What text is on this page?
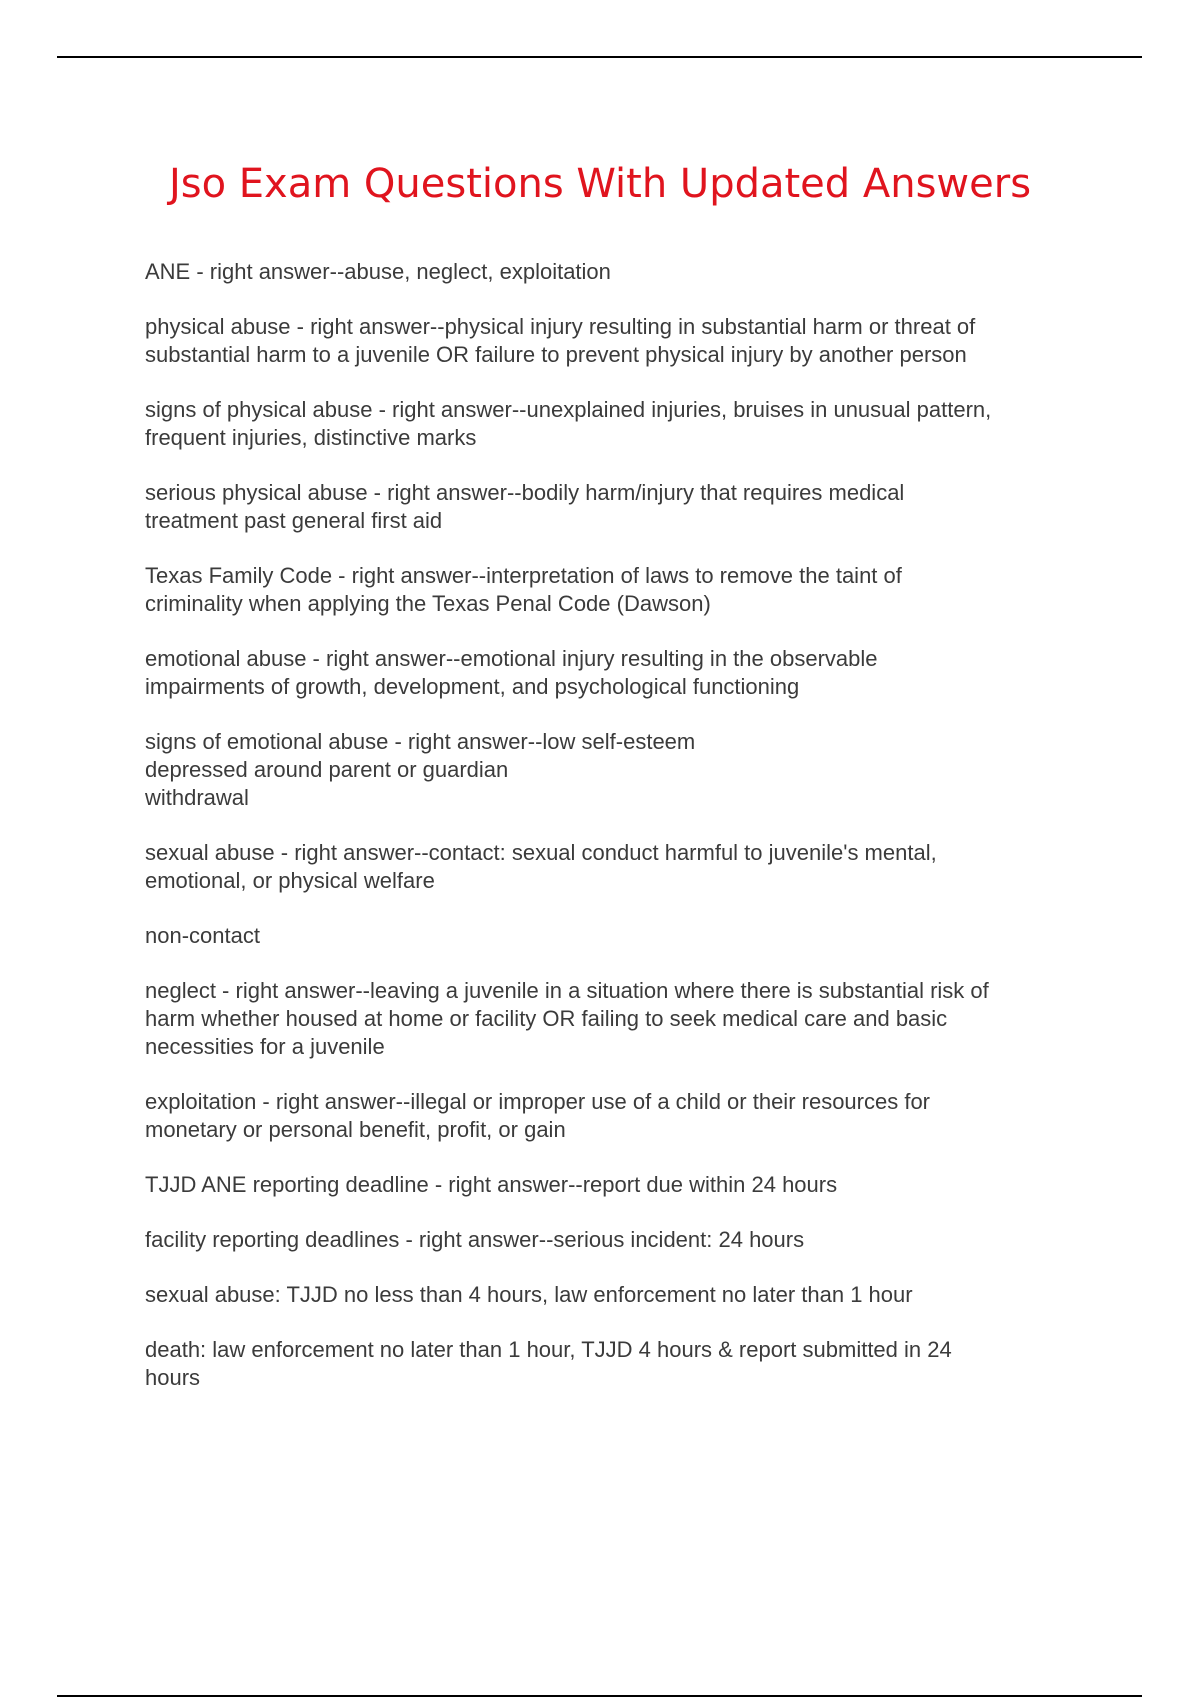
Jso Exam Questions With Updated Answers

ANE - right answer--abuse, neglect, exploitation

physical abuse - right answer--physical injury resulting in substantial harm or threat of
substantial harm to a juvenile OR failure to prevent physical injury by another person

signs of physical abuse - right answer--unexplained injuries, bruises in unusual pattern,
frequent injuries, distinctive marks

serious physical abuse - right answer--bodily harm/injury that requires medical
treatment past general first aid

Texas Family Code - right answer--interpretation of laws to remove the taint of
criminality when applying the Texas Penal Code (Dawson)

emotional abuse - right answer--emotional injury resulting in the observable
impairments of growth, development, and psychological functioning

signs of emotional abuse - right answer--low self-esteem
depressed around parent or guardian
withdrawal

sexual abuse - right answer--contact: sexual conduct harmful to juvenile's mental,
emotional, or physical welfare

non-contact

neglect - right answer--leaving a juvenile in a situation where there is substantial risk of
harm whether housed at home or facility OR failing to seek medical care and basic
necessities for a juvenile

exploitation - right answer--illegal or improper use of a child or their resources for
monetary or personal benefit, profit, or gain

TJJD ANE reporting deadline - right answer--report due within 24 hours

facility reporting deadlines - right answer--serious incident: 24 hours

sexual abuse: TJJD no less than 4 hours, law enforcement no later than 1 hour

death: law enforcement no later than 1 hour, TJJD 4 hours & report submitted in 24
hours
